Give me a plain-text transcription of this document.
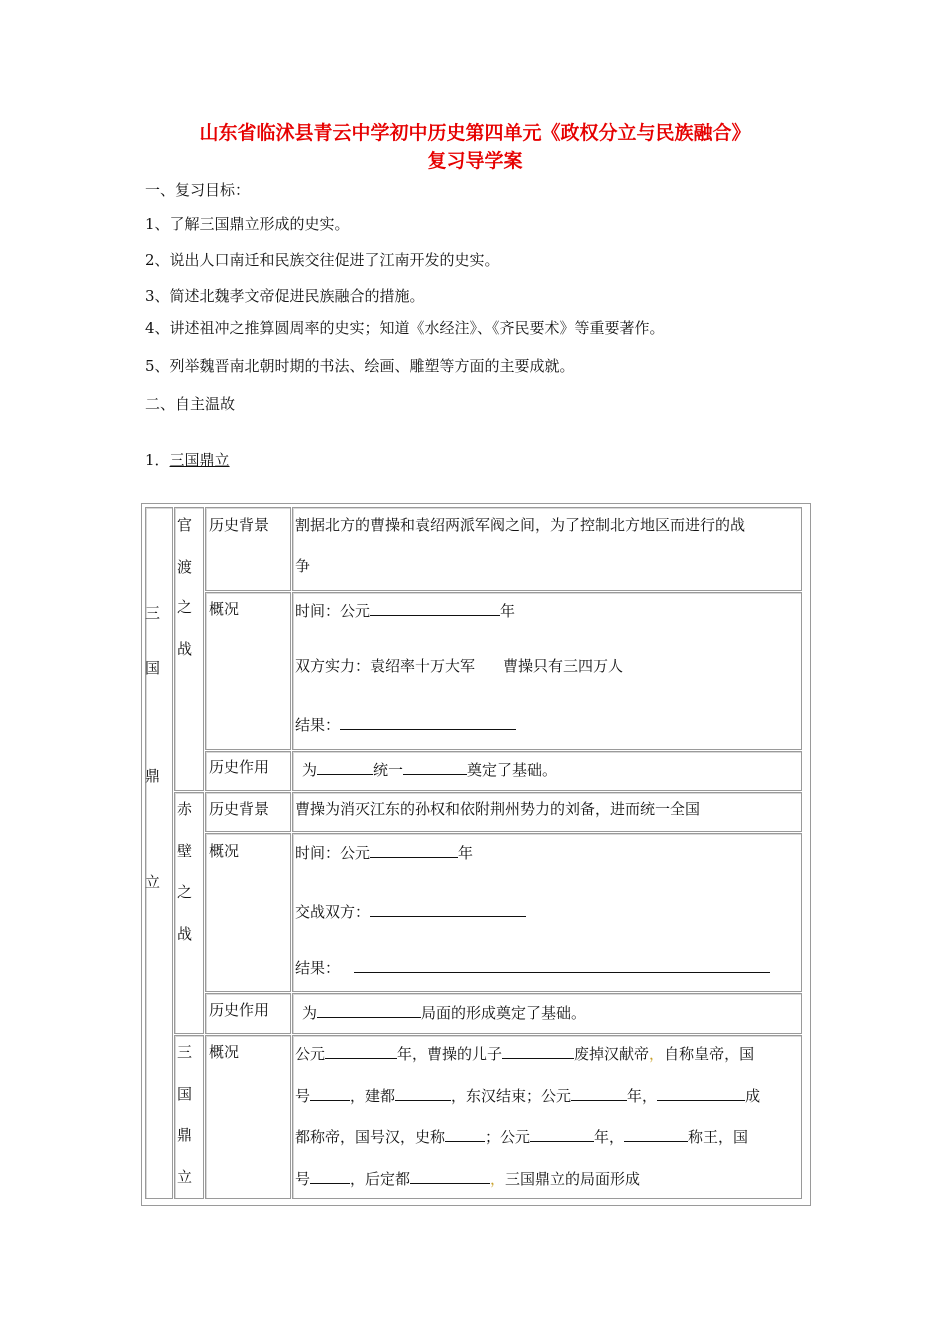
山东省临沭县青云中学初中历史第四单元《政权分立与民族融合》
复习导学案
一、复习目标：
1、了解三国鼎立形成的史实。
2、说出人口南迁和民族交往促进了江南开发的史实。
3、简述北魏孝文帝促进民族融合的措施。
4、讲述祖冲之推算圆周率的史实；知道《水经注》、《齐民要术》等重要著作。
5、列举魏晋南北朝时期的书法、绘画、雕塑等方面的主要成就。
二、自主温故
1．三国鼎立
三
国
鼎
立
官
渡
之
战
历史背景 割据北方的曹操和袁绍两派军阀之间，为了控制北方地区而进行的战
争
概况	时间：公元	年
双方实力：袁绍率十万大军 曹操只有三四万人
结果：
历史作用 为	统一	奠定了基础。
赤
壁
之
战
历史背景 曹操为消灭江东的孙权和依附荆州势力的刘备，进而统一全国
概况	时间：公元	年
交战双方：
结果：
历史作用 为	局面的形成奠定了基础。
三
国
鼎
立
概况	公元	年，曹操的儿子	废掉汉献帝，自称皇帝，国
号	，建都	，东汉结束；公元	年，	成
都称帝，国号汉，史称	；公元	年，	称王，国
号	，后定都	，三国鼎立的局面形成
